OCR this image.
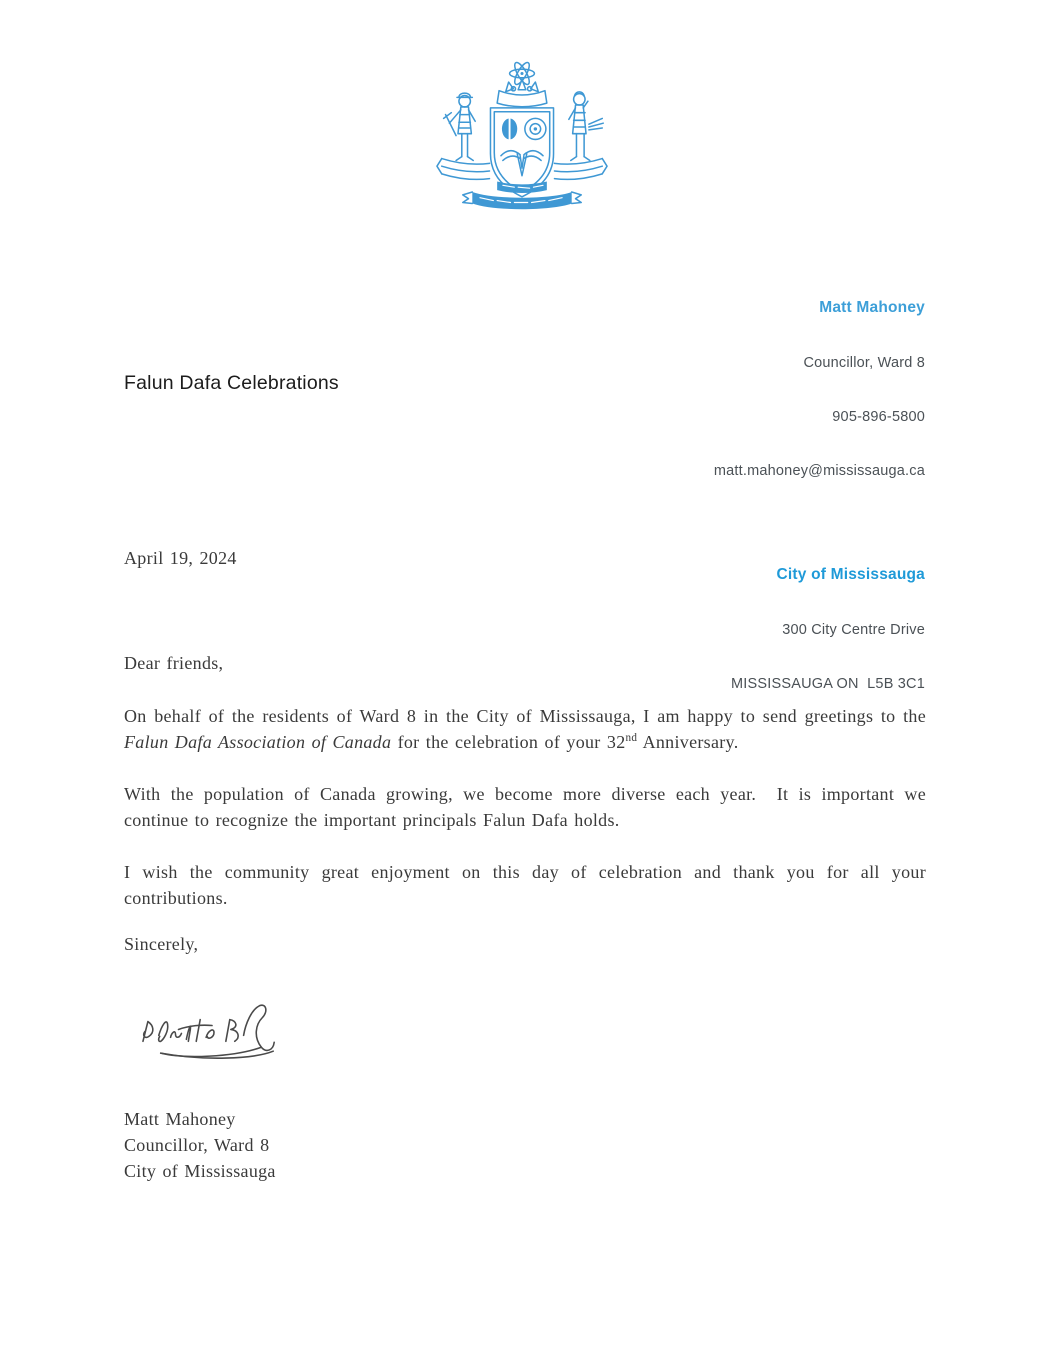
Matt Mahoney

Councillor, Ward 8

905-896-5800

matt.mahoney@mississauga.ca

City of Mississauga

300 City Centre Drive

MISSISSAUGA ON  L5B 3C1

Falun Dafa Celebrations

April 19, 2024

Dear friends,

On behalf of the residents of Ward 8 in the City of Mississauga, I am happy to send greetings to the Falun Dafa Association of Canada for the celebration of your 32nd Anniversary.

With the population of Canada growing, we become more diverse each year.  It is important we continue to recognize the important principals Falun Dafa holds.

I wish the community great enjoyment on this day of celebration and thank you for all your contributions.

Sincerely,

Matt Mahoney
Councillor, Ward 8
City of Mississauga
